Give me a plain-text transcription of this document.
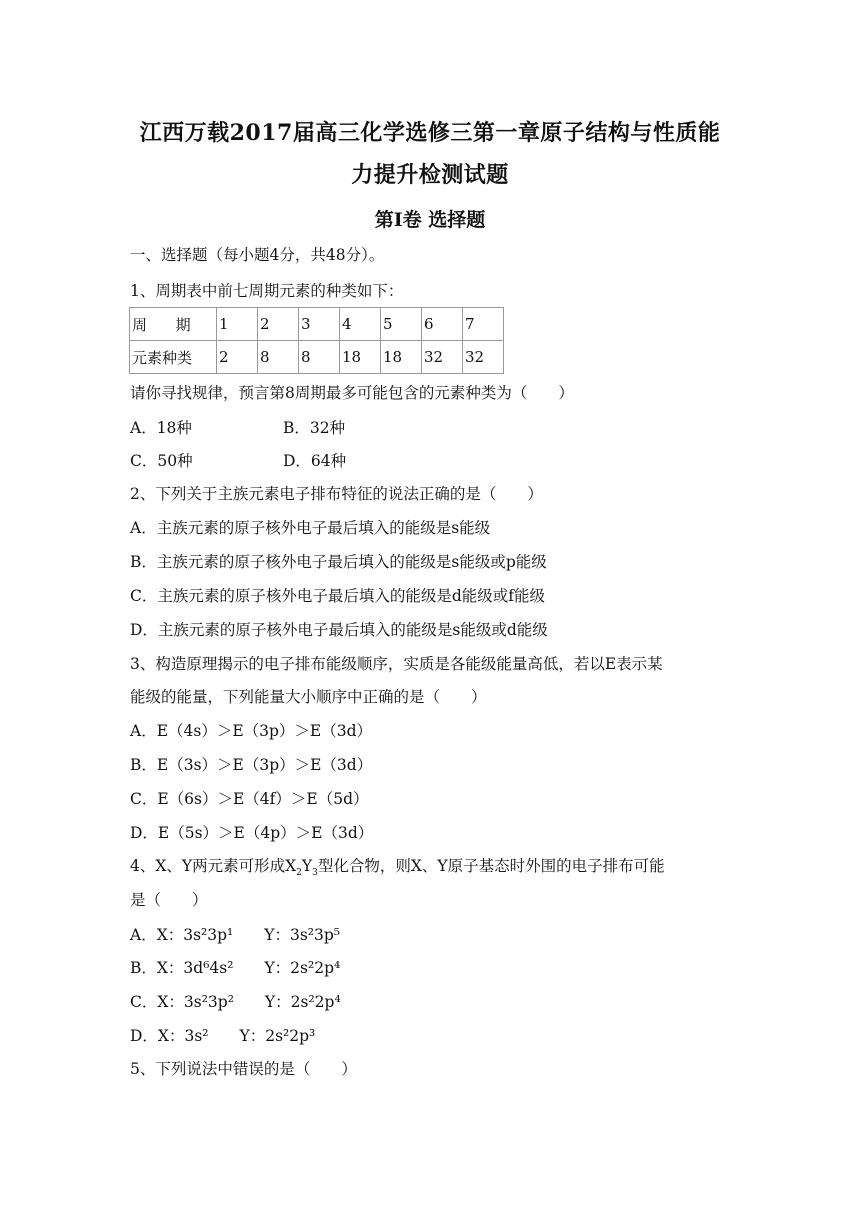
江西万载2017届高三化学选修三第一章原子结构与性质能
力提升检测试题
第Ⅰ卷 选择题
一、选择题（每小题4分，共48分）。
1、周期表中前七周期元素的种类如下：
周      期	1	2	3	4	5	6	7
元素种类	2	8	8	18	18	32	32
请你寻找规律，预言第8周期最多可能包含的元素种类为（　　）
A．18种	B．32种
C．50种	D．64种
2、下列关于主族元素电子排布特征的说法正确的是（　　）
A．主族元素的原子核外电子最后填入的能级是s能级
B．主族元素的原子核外电子最后填入的能级是s能级或p能级
C．主族元素的原子核外电子最后填入的能级是d能级或f能级
D．主族元素的原子核外电子最后填入的能级是s能级或d能级
3、构造原理揭示的电子排布能级顺序，实质是各能级能量高低，若以E表示某
能级的能量，下列能量大小顺序中正确的是（　　）
A．E（4s）＞E（3p）＞E（3d）
B．E（3s）＞E（3p）＞E（3d）
C．E（6s）＞E（4f）＞E（5d）
D．E（5s）＞E（4p）＞E（3d）
4、X、Y两元素可形成$X_2Y_3$型化合物，则X、Y原子基态时外围的电子排布可能
是（　　）
A．X：3s²3p¹　　Y：3s²3p⁵
B．X：3d⁶4s²　　Y：2s²2p⁴
C．X：3s²3p²　　Y：2s²2p⁴
D．X：3s²　　Y：2s²2p³
5、下列说法中错误的是（　　）
